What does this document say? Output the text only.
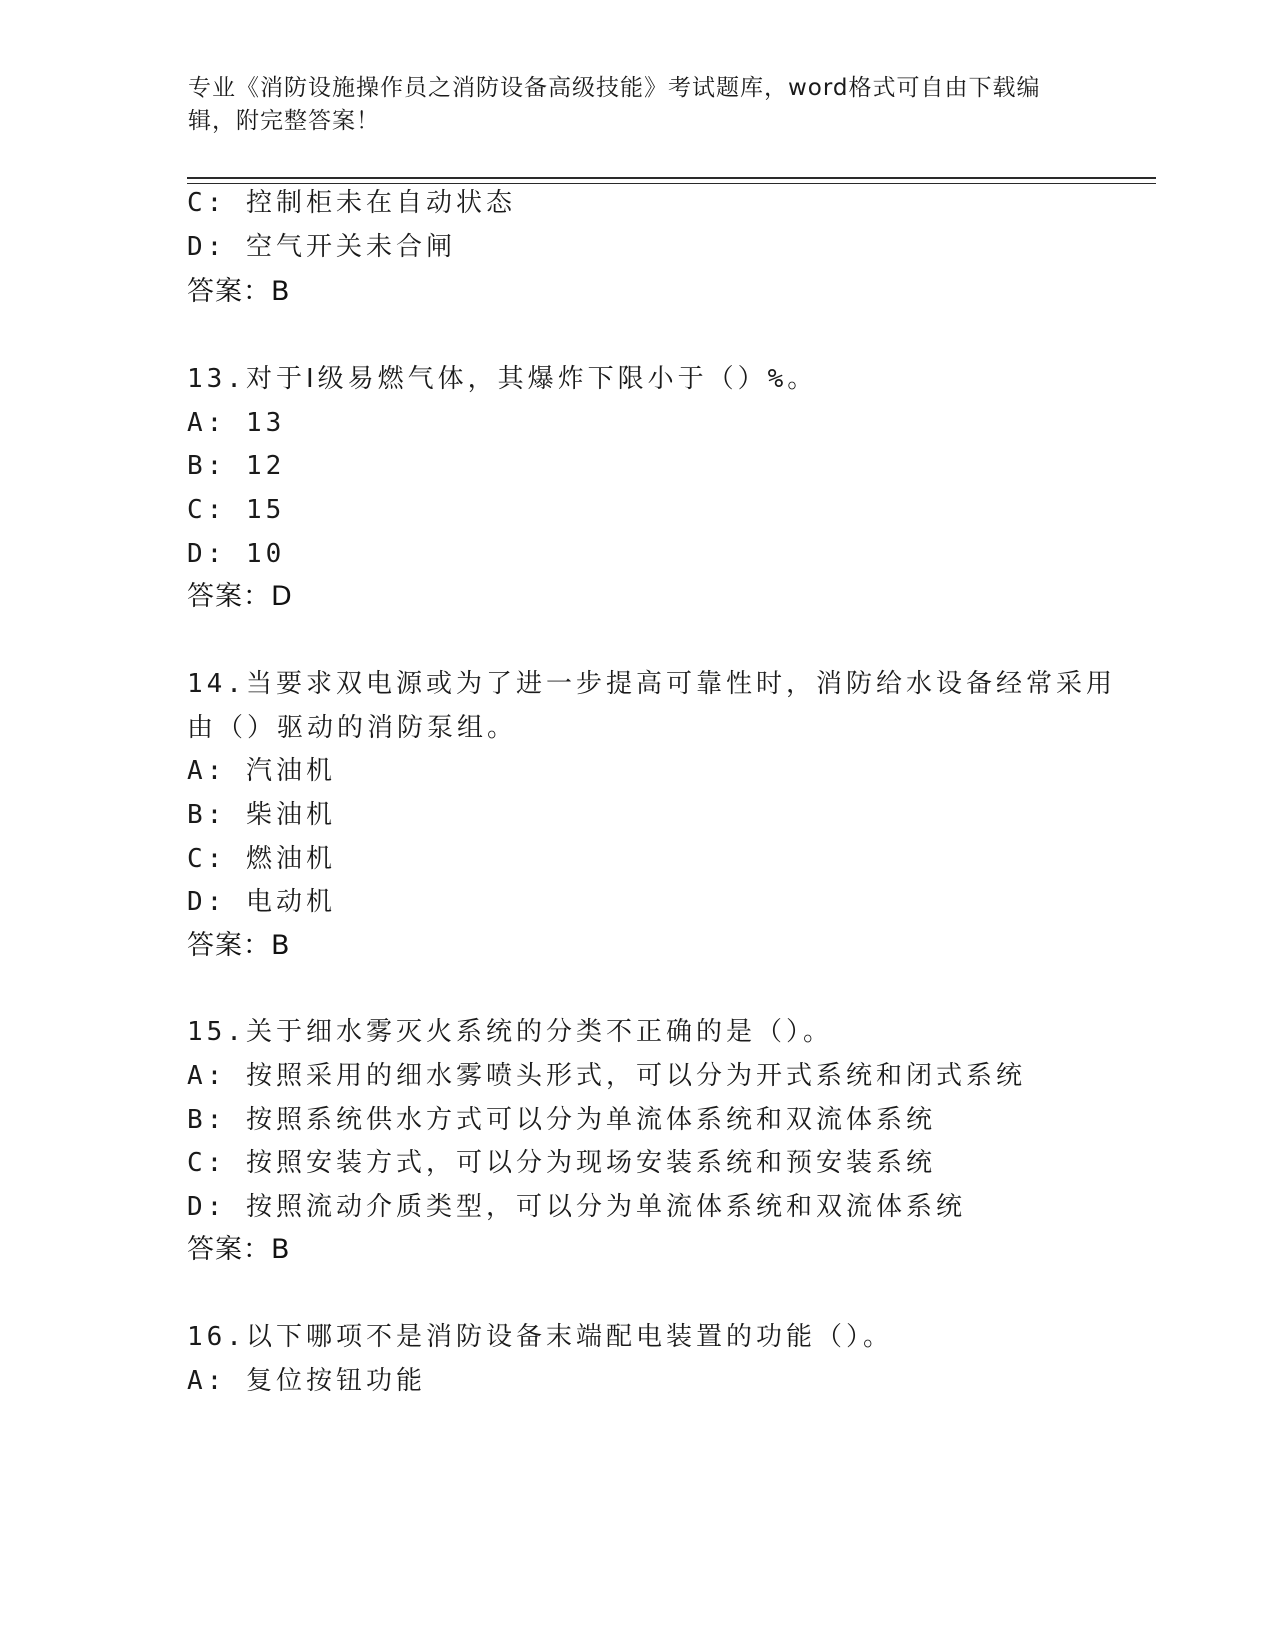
专业《消防设施操作员之消防设备高级技能》考试题库，word格式可自由下载编辑，附完整答案！
C: 控制柜未在自动状态
D: 空气开关未合闸
答案：B
13.对于Ⅰ级易燃气体，其爆炸下限小于（）%。
A: 13
B: 12
C: 15
D: 10
答案：D
14.当要求双电源或为了进一步提高可靠性时，消防给水设备经常采用
由（）驱动的消防泵组。
A: 汽油机
B: 柴油机
C: 燃油机
D: 电动机
答案：B
15.关于细水雾灭火系统的分类不正确的是（）。
A: 按照采用的细水雾喷头形式，可以分为开式系统和闭式系统
B: 按照系统供水方式可以分为单流体系统和双流体系统
C: 按照安装方式，可以分为现场安装系统和预安装系统
D: 按照流动介质类型，可以分为单流体系统和双流体系统
答案：B
16.以下哪项不是消防设备末端配电装置的功能（）。
A: 复位按钮功能
